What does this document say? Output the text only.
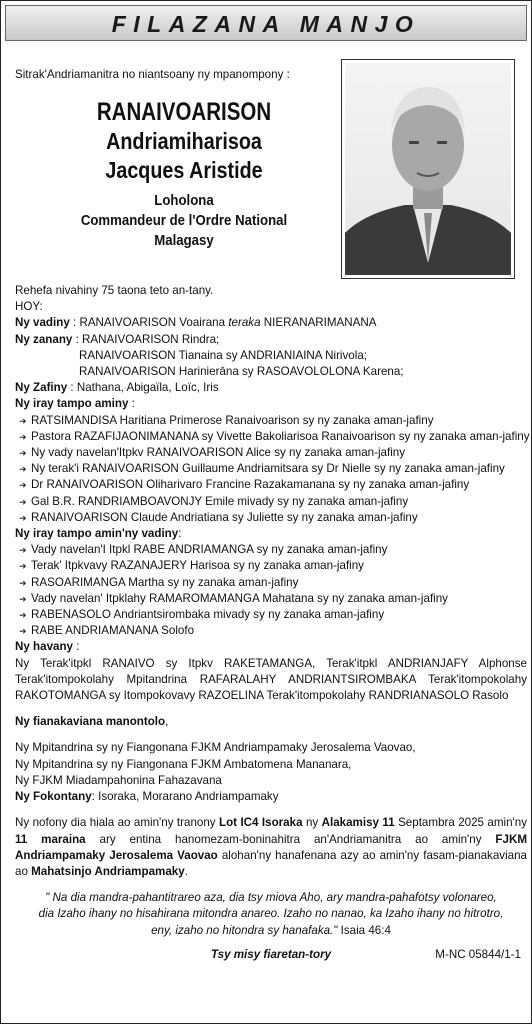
FILAZANA MANJO
Sitrak'Andriamanitra no niantsoany ny mpanompony :
RANAIVOARISON
Andriamiharisoa
Jacques Aristide
Loholona
Commandeur de l'Ordre National
Malagasy

Rehefa nivahiny 75 taona teto an-tany.

HOY:

Ny vadiny : RANAIVOARISON Voairana teraka NIERANARIMANANA

Ny zanany : RANAIVOARISON Rindra;

RANAIVOARISON Tianaina sy ANDRIANIAINA Nirivola;

RANAIVOARISON Harinierāna sy RASOAVOLOLONA Karena;

Ny Zafiny : Nathana, Abigaïla, Loïc, Iris

Ny iray tampo aminy :

➜ RATSIMANDISA Haritiana Primerose Ranaivoarison sy ny zanaka aman-jafiny

➜ Pastora RAZAFIJAONIMANANA sy Vivette Bakoliarisoa Ranaivoarison sy ny zanaka aman-jafiny

➜ Ny vady navelan'Itpkv RANAIVOARISON Alice sy ny zanaka aman-jafiny

➜ Ny terak'i RANAIVOARISON Guillaume Andriamitsara sy Dr Nielle sy ny zanaka aman-jafiny

➜ Dr RANAIVOARISON Oliharivaro Francine Razakamanana sy ny zanaka aman-jafiny

➜ Gal B.R. RANDRIAMBOAVONJY Emile mivady sy ny zanaka aman-jafiny

➜ RANAIVOARISON Claude Andriatiana sy Juliette sy ny zanaka aman-jafiny

Ny iray tampo amin'ny vadiny:

➜ Vady navelan'I Itpkl RABE ANDRIAMANGA sy ny zanaka aman-jafiny

➜ Terak' Itpkvavy RAZANAJERY Harisoa sy ny zanaka aman-jafiny

➜ RASOARIMANGA Martha sy ny zanaka aman-jafiny

➜ Vady navelan' Itpklahy RAMAROMAMANGA Mahatana sy ny zanaka aman-jafiny

➜ RABENASOLO Andriantsirombaka mivady sy ny zanaka aman-jafiny

➜ RABE ANDRIAMANANA Solofo

Ny havany :

Ny Terak'itpkl RANAIVO sy Itpkv RAKETAMANGA, Terak'itpkl ANDRIANJAFY Alphonse

Terak'itompokolahy Mpitandrina RAFARALAHY ANDRIANTSIROMBAKA Terak'itompokolahy

RAKOTOMANGA sy Itompokovavy RAZOELINA Terak'itompokolahy RANDRIANASOLO Rasolo

Ny fianakaviana manontolo,

Ny Mpitandrina sy ny Fiangonana FJKM Andriampamaky Jerosalema Vaovao,

Ny Mpitandrina sy ny Fiangonana FJKM Ambatomena Mananara,

Ny FJKM Miadampahonina Fahazavana

Ny Fokontany: Isoraka, Morarano Andriampamaky

Ny nofony dia hiala ao amin'ny tranony Lot IC4 Isoraka ny Alakamisy 11 Septambra 2025 amin'ny

11 maraina ary entina hanomezam-boninahitra an'Andriamanitra ao amin'ny FJKM

Andriampamaky Jerosalema Vaovao alohan'ny hanafenana azy ao amin'ny fasam-pianakaviana

ao Mahatsinjo Andriampamaky.

" Na dia mandra-pahantitrareo aza, dia tsy miova Aho, ary mandra-pahafotsy volonareo,

dia Izaho ihany no hisahirana mitondra anareo. Izaho no nanao, ka Izaho ihany no hitrotro,

eny, izaho no hitondra sy hanafaka." Isaia 46:4

Tsy misy fiaretan-tory	M-NC 05844/1-1
